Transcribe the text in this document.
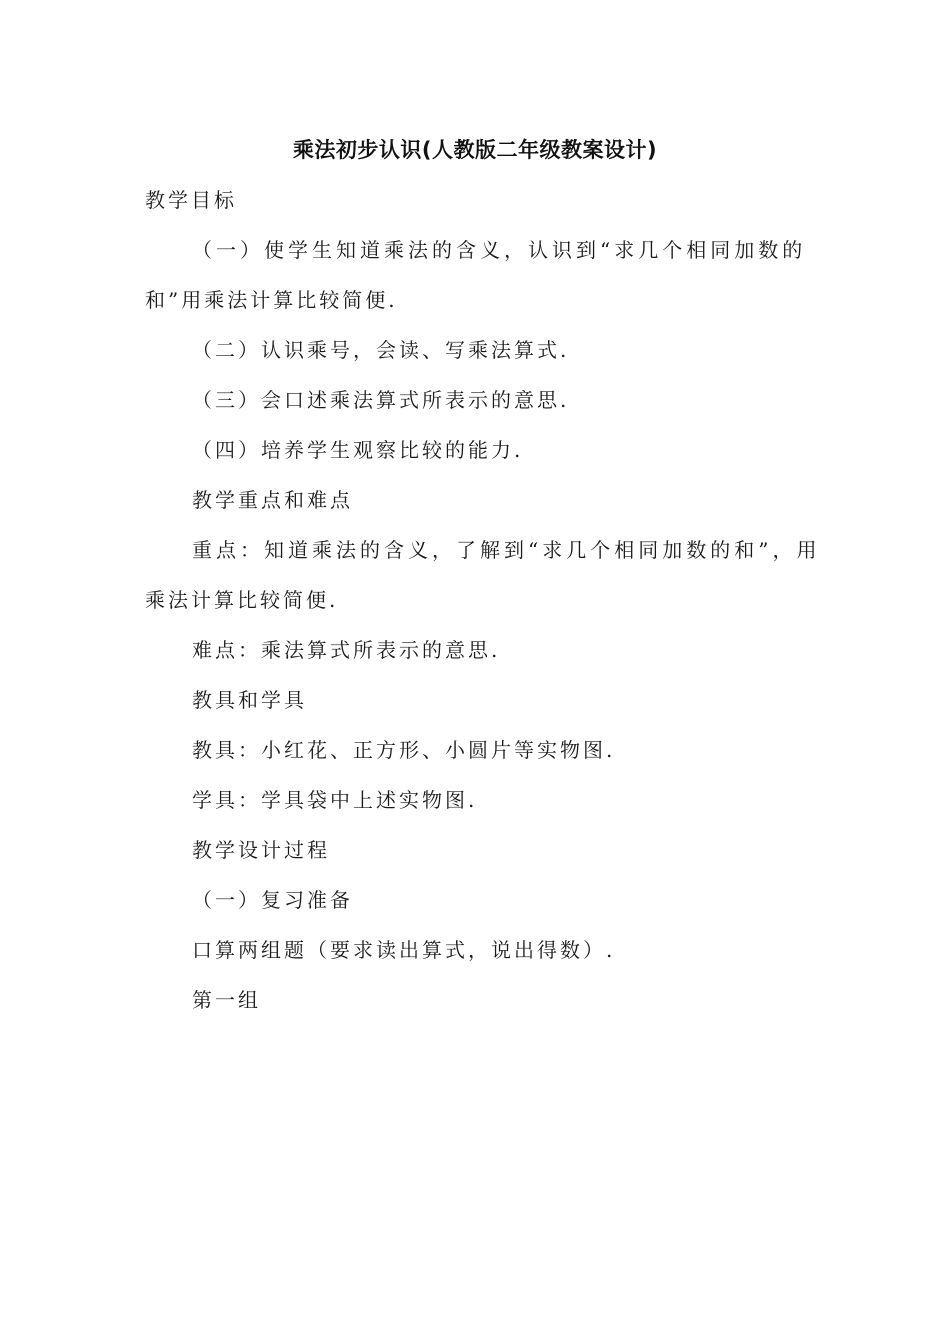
乘法初步认识(人教版二年级教案设计)
教学目标
（一）使学生知道乘法的含义，认识到“求几个相同加数的
和”用乘法计算比较简便.
（二）认识乘号，会读、写乘法算式.
（三）会口述乘法算式所表示的意思.
（四）培养学生观察比较的能力.
教学重点和难点
重点：知道乘法的含义，了解到“求几个相同加数的和”，用
乘法计算比较简便.
难点：乘法算式所表示的意思.
教具和学具
教具：小红花、正方形、小圆片等实物图.
学具：学具袋中上述实物图.
教学设计过程
（一）复习准备
口算两组题（要求读出算式，说出得数）.
第一组
